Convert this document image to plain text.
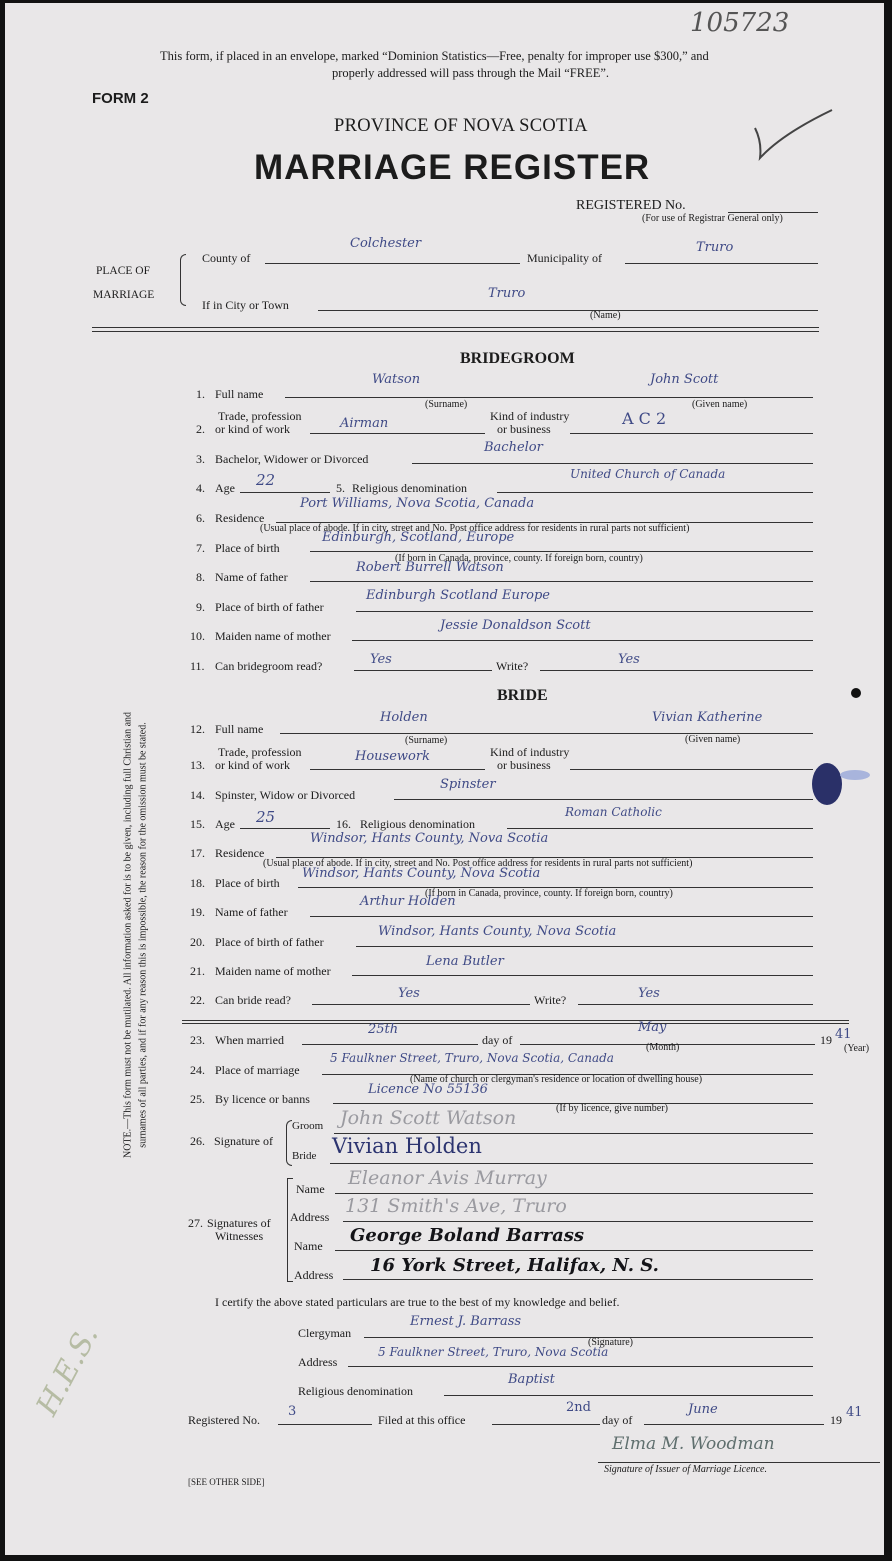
105723
This form, if placed in an envelope, marked “Dominion Statistics—Free, penalty for improper use $300,” and
properly addressed will pass through the Mail “FREE”.
FORM 2
PROVINCE OF NOVA SCOTIA
MARRIAGE REGISTER
REGISTERED No.
(For use of Registrar General only)
PLACE OF
MARRIAGE
County of
Colchester
Municipality of
Truro
If in City or Town
Truro
(Name)
NOTE.—This form must not be mutilated. All information asked for is to be given, including full Christian and surnames of all parties, and if for any reason this is impossible, the reason for the omission must be stated.
BRIDEGROOM
1. Full name
Watson	John Scott
(Surname)	(Given name)
Trade, profession
2. or kind of work	Airman	Kind of industry
or business
A C 2
3. Bachelor, Widower or Divorced
Bachelor
4. Age 22	5. Religious denomination
United Church of Canada
6. Residence
Port Williams, Nova Scotia, Canada
(Usual place of abode. If in city, street and No. Post office address for residents in rural parts not sufficient)
7. Place of birth
Edinburgh, Scotland, Europe
(If born in Canada, province, county. If foreign born, country)
8. Name of father
Robert Burrell Watson
9. Place of birth of father
Edinburgh Scotland Europe
10. Maiden name of mother
Jessie Donaldson Scott
11. Can bridegroom read?	Yes	Write?	Yes
BRIDE
12. Full name
Holden	Vivian Katherine
(Surname)	(Given name)
Trade, profession
13. or kind of work
Housework	Kind of industry
or business
14. Spinster, Widow or Divorced
Spinster
15. Age 25	16. Religious denomination
Roman Catholic
17. Residence
Windsor, Hants County, Nova Scotia
(Usual place of abode. If in city, street and No. Post office address for residents in rural parts not sufficient)
18. Place of birth
Windsor, Hants County, Nova Scotia
(If born in Canada, province, county. If foreign born, country)
19. Name of father
Arthur Holden
20. Place of birth of father
Windsor, Hants County, Nova Scotia
21. Maiden name of mother
Lena Butler
22. Can bride read?	Yes	Write?	Yes
23. When married
25th
day of
May
(Month)
19 41
(Year)
24. Place of marriage
5 Faulkner Street, Truro, Nova Scotia, Canada
(Name of church or clergyman's residence or location of dwelling house)
25. By licence or banns
Licence No 55136
(If by licence, give number)
26. Signature of
Groom John Scott Watson
Bride Vivian Holden
27. Signatures of
Witnesses
Name Eleanor Avis Murray
Address 131 Smith's Ave, Truro
Name George Boland Barrass
Address 16 York Street, Halifax, N. S.
I certify the above stated particulars are true to the best of my knowledge and belief.
Clergyman
Ernest J. Barrass
(Signature)
Address
5 Faulkner Street, Truro, Nova Scotia
Religious denomination
Baptist
Registered No.
3
Filed at this office
2nd
day of
June
19 41
Elma M. Woodman
Signature of Issuer of Marriage Licence.
[SEE OTHER SIDE]
H.E.S.
